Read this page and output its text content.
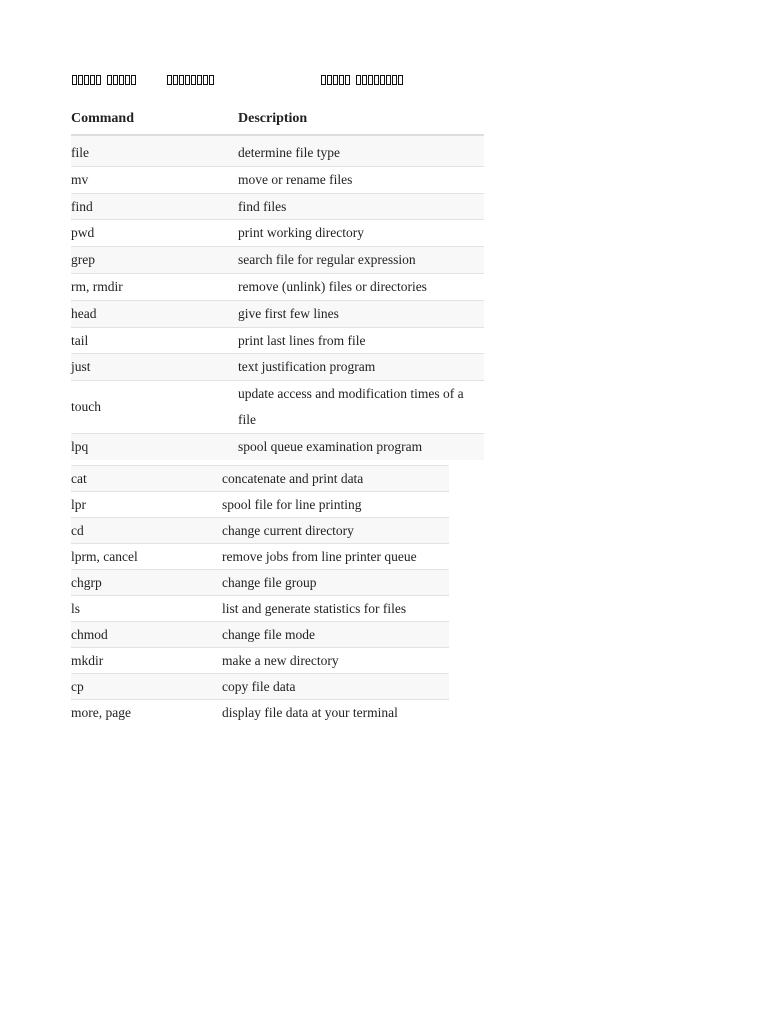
Command	Description
file	determine file type
mv	move or rename files
find	find files
pwd	print working directory
grep	search file for regular expression
rm, rmdir	remove (unlink) files or directories
head	give first few lines
tail	print last lines from file
just	text justification program
touch	update access and modification times of a file
lpq	spool queue examination program
cat	concatenate and print data
lpr	spool file for line printing
cd	change current directory
lprm, cancel	remove jobs from line printer queue
chgrp	change file group
ls	list and generate statistics for files
chmod	change file mode
mkdir	make a new directory
cp	copy file data
more, page	display file data at your terminal
